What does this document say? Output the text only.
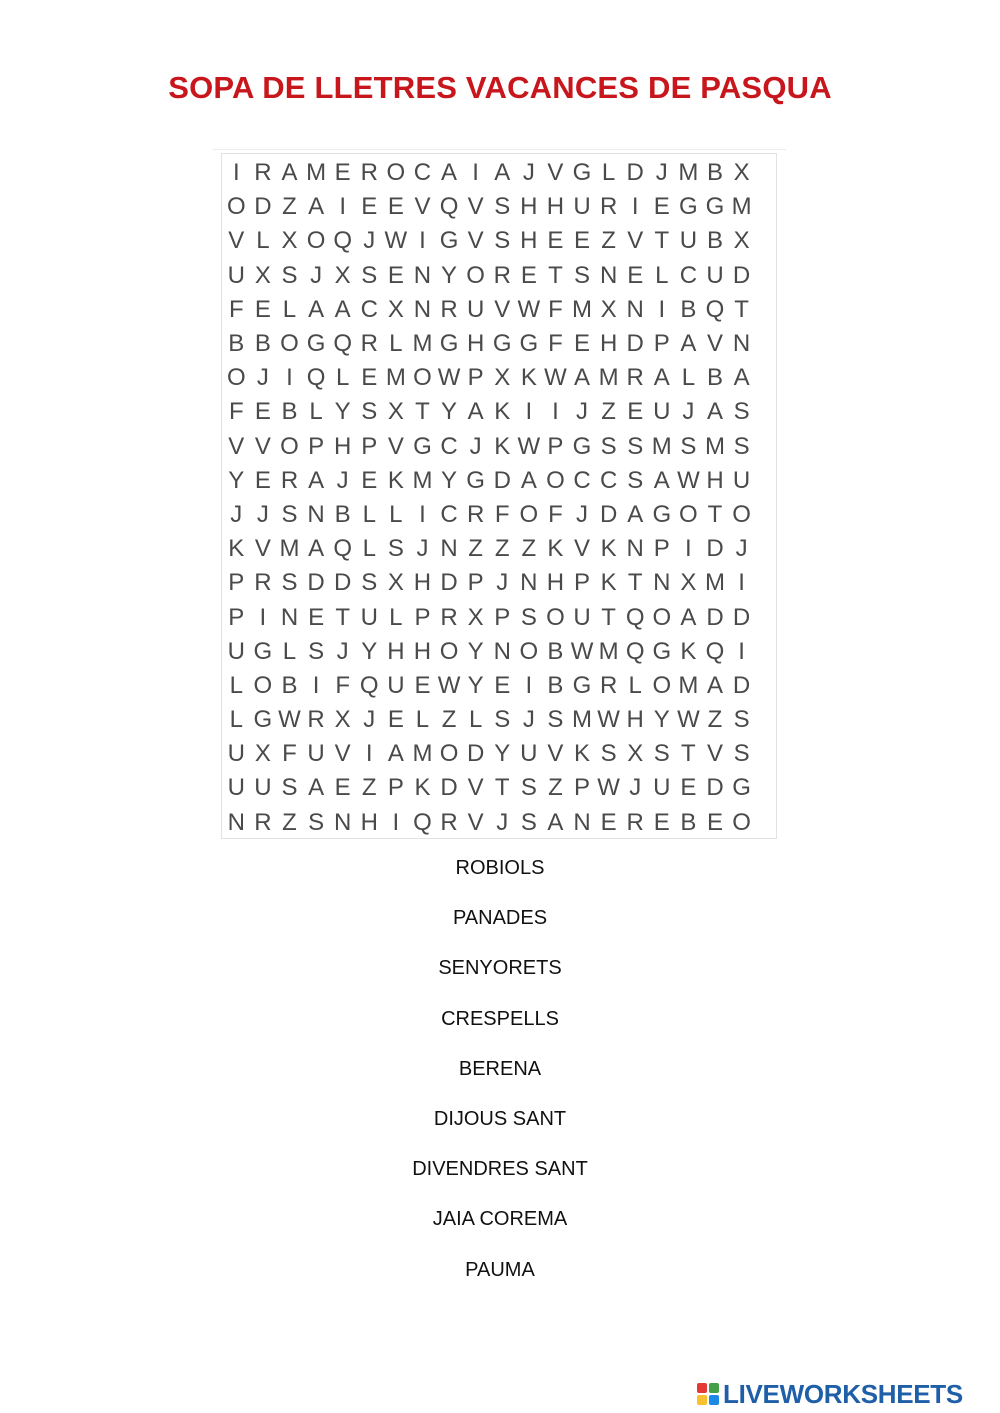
SOPA DE LLETRES VACANCES DE PASQUA
I R A M E R O C A I A J V G L D J M B X
O D Z A I E E V Q V S H H U R I E G G M
V L X O Q J W I G V S H E E Z V T U B X
U X S J X S E N Y O R E T S N E L C U D
F E L A A C X N R U V W F M X N I B Q T
B B O G Q R L M G H G G F E H D P A V N
O J I Q L E M O W P X K W A M R A L B A
F E B L Y S X T Y A K I I J Z E U J A S
V V O P H P V G C J K W P G S S M S M S
Y E R A J E K M Y G D A O C C S A W H U
J J S N B L L I C R F O F J D A G O T O
K V M A Q L S J N Z Z Z K V K N P I D J
P R S D D S X H D P J N H P K T N X M I
P I N E T U L P R X P S O U T Q O A D D
U G L S J Y H H O Y N O B W M Q G K Q I
L O B I F Q U E W Y E I B G R L O M A D
L G W R X J E L Z L S J S M W H Y W Z S
U X F U V I A M O D Y U V K S X S T V S
U U S A E Z P K D V T S Z P W J U E D G
N R Z S N H I Q R V J S A N E R E B E O
ROBIOLS
PANADES
SENYORETS
CRESPELLS
BERENA
DIJOUS SANT
DIVENDRES SANT
JAIA COREMA
PAUMA
LIVEWORKSHEETS
